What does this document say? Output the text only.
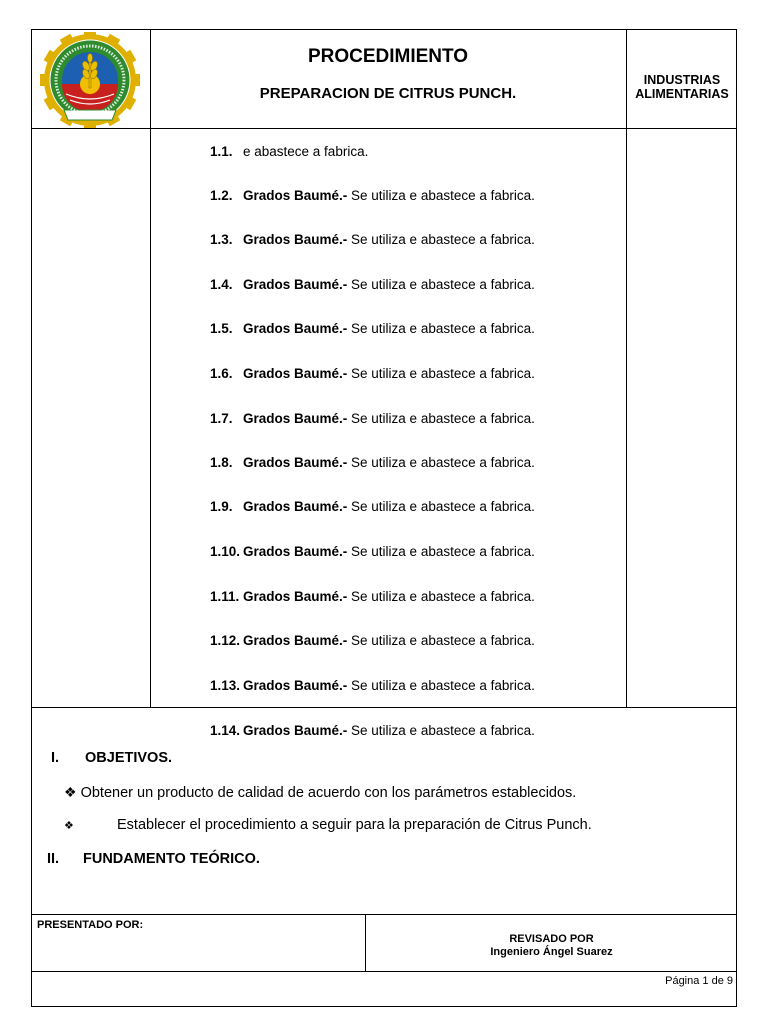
PROCEDIMIENTO
PREPARACION DE CITRUS PUNCH.
INDUSTRIAS ALIMENTARIAS
1.1. e abastece a fabrica.
1.2. Grados Baumé.- Se utiliza e abastece a fabrica.
1.3. Grados Baumé.- Se utiliza e abastece a fabrica.
1.4. Grados Baumé.- Se utiliza e abastece a fabrica.
1.5. Grados Baumé.- Se utiliza e abastece a fabrica.
1.6. Grados Baumé.- Se utiliza e abastece a fabrica.
1.7. Grados Baumé.- Se utiliza e abastece a fabrica.
1.8. Grados Baumé.- Se utiliza e abastece a fabrica.
1.9. Grados Baumé.- Se utiliza e abastece a fabrica.
1.10. Grados Baumé.- Se utiliza e abastece a fabrica.
1.11. Grados Baumé.- Se utiliza e abastece a fabrica.
1.12. Grados Baumé.- Se utiliza e abastece a fabrica.
1.13. Grados Baumé.- Se utiliza e abastece a fabrica.
1.14. Grados Baumé.- Se utiliza e abastece a fabrica.
I. OBJETIVOS.
❖ Obtener un producto de calidad de acuerdo con los parámetros establecidos.
❖	Establecer el procedimiento a seguir para la preparación de Citrus Punch.
II. FUNDAMENTO TEÓRICO.
PRESENTADO POR:
REVISADO POR
Ingeniero Ángel Suarez
Página 1 de 9
